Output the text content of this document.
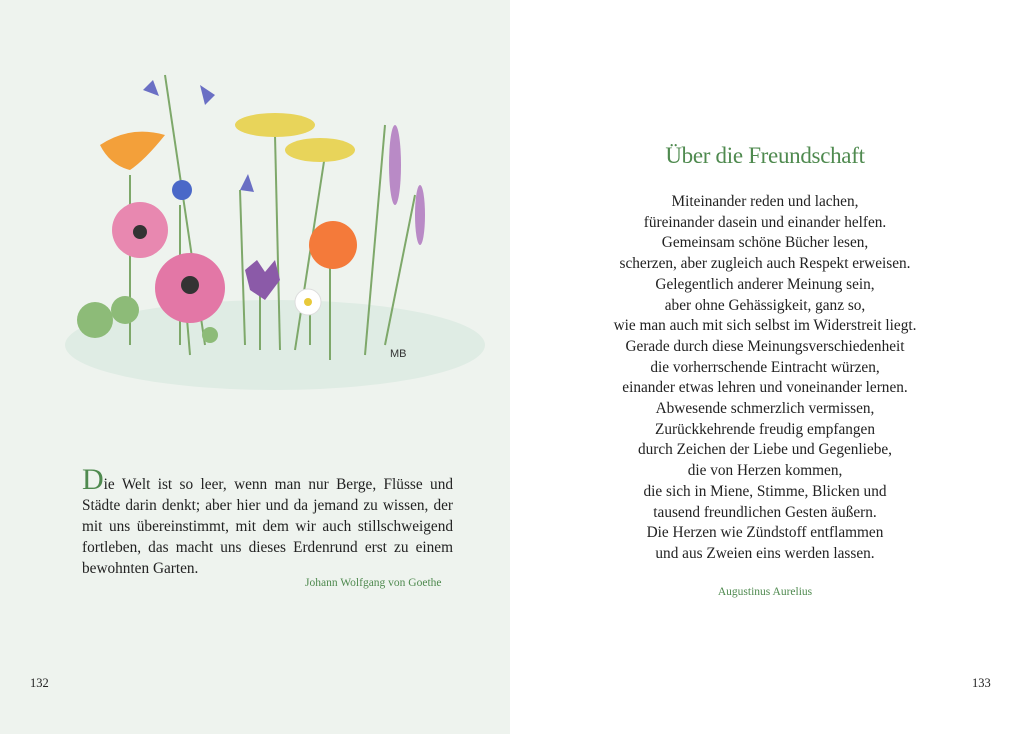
MB

Die Welt ist so leer, wenn man nur Berge, Flüsse und Städte darin denkt; aber hier und da jemand zu wissen, der mit uns übereinstimmt, mit dem wir auch stillschweigend fortleben, das macht uns dieses Erdenrund erst zu einem bewohnten Garten.

Johann Wolfgang von Goethe
132
Über die Freundschaft
Miteinander reden und lachen,
füreinander dasein und einander helfen.
Gemeinsam schöne Bücher lesen,
scherzen, aber zugleich auch Respekt erweisen.
Gelegentlich anderer Meinung sein,
aber ohne Gehässigkeit, ganz so,
wie man auch mit sich selbst im Widerstreit liegt.
Gerade durch diese Meinungsverschiedenheit
die vorherrschende Eintracht würzen,
einander etwas lehren und voneinander lernen.
Abwesende schmerzlich vermissen,
Zurückkehrende freudig empfangen
durch Zeichen der Liebe und Gegenliebe,
die von Herzen kommen,
die sich in Miene, Stimme, Blicken und
tausend freundlichen Gesten äußern.
Die Herzen wie Zündstoff entflammen
und aus Zweien eins werden lassen.
Augustinus Aurelius
133
